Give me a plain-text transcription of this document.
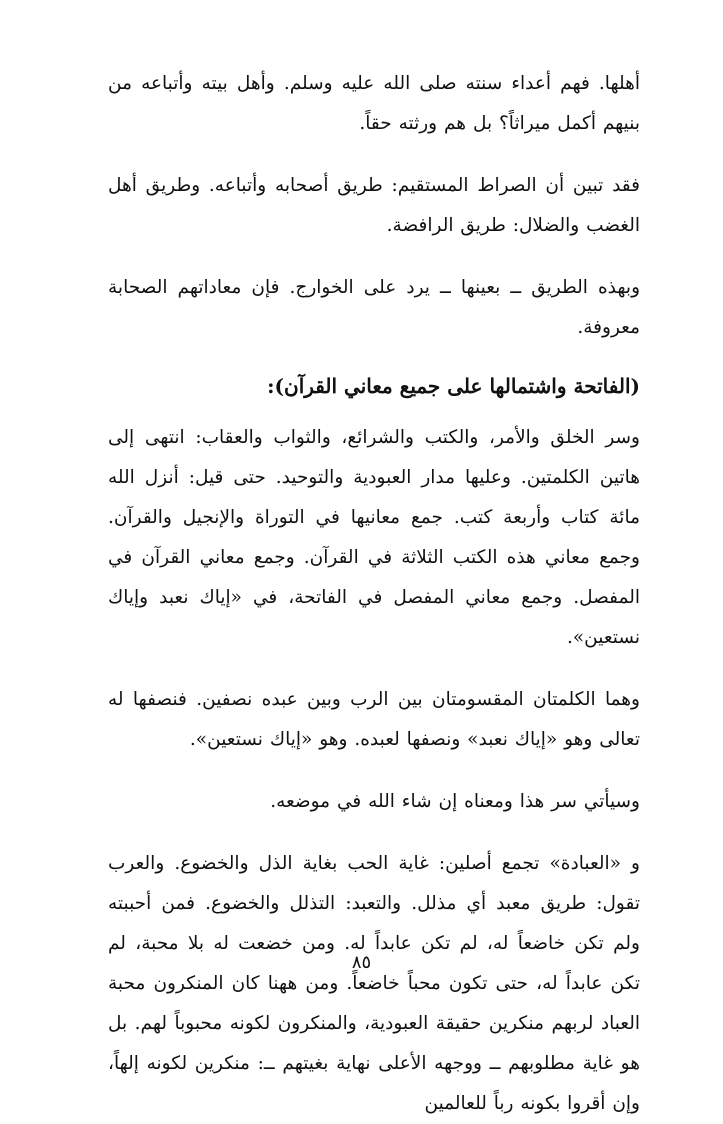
أهلها. فهم أعداء سنته صلى الله عليه وسلم. وأهل بيته وأتباعه من بنيهم أكمل ميراثاً؟ بل هم ورثته حقاً.

فقد تبين أن الصراط المستقيم: طريق أصحابه وأتباعه. وطريق أهل الغضب والضلال: طريق الرافضة.

وبهذه الطريق ــ بعينها ــ يرد على الخوارج. فإن معاداتهم الصحابة معروفة.

(الفاتحة واشتمالها على جميع معاني القرآن):

وسر الخلق والأمر، والكتب والشرائع، والثواب والعقاب: انتهى إلى هاتين الكلمتين. وعليها مدار العبودية والتوحيد. حتى قيل: أنزل الله مائة كتاب وأربعة كتب. جمع معانيها في التوراة والإنجيل والقرآن. وجمع معاني هذه الكتب الثلاثة في القرآن. وجمع معاني القرآن في المفصل. وجمع معاني المفصل في الفاتحة، في «إياك نعبد وإياك نستعين».

وهما الكلمتان المقسومتان بين الرب وبين عبده نصفين. فنصفها له تعالى وهو «إياك نعبد» ونصفها لعبده. وهو «إياك نستعين».

وسيأتي سر هذا ومعناه إن شاء الله في موضعه.

و «العبادة» تجمع أصلين: غاية الحب بغاية الذل والخضوع. والعرب تقول: طريق معبد أي مذلل. والتعبد: التذلل والخضوع. فمن أحببته ولم تكن خاضعاً له، لم تكن عابداً له. ومن خضعت له بلا محبة، لم تكن عابداً له، حتى تكون محباً خاضعاً. ومن ههنا كان المنكرون محبة العباد لربهم منكرين حقيقة العبودية، والمنكرون لكونه محبوباً لهم. بل هو غاية مطلوبهم ــ ووجهه الأعلى نهاية بغيتهم ــ: منكرين لكونه إلهاً، وإن أقروا بكونه رباً للعالمين

٨٥
